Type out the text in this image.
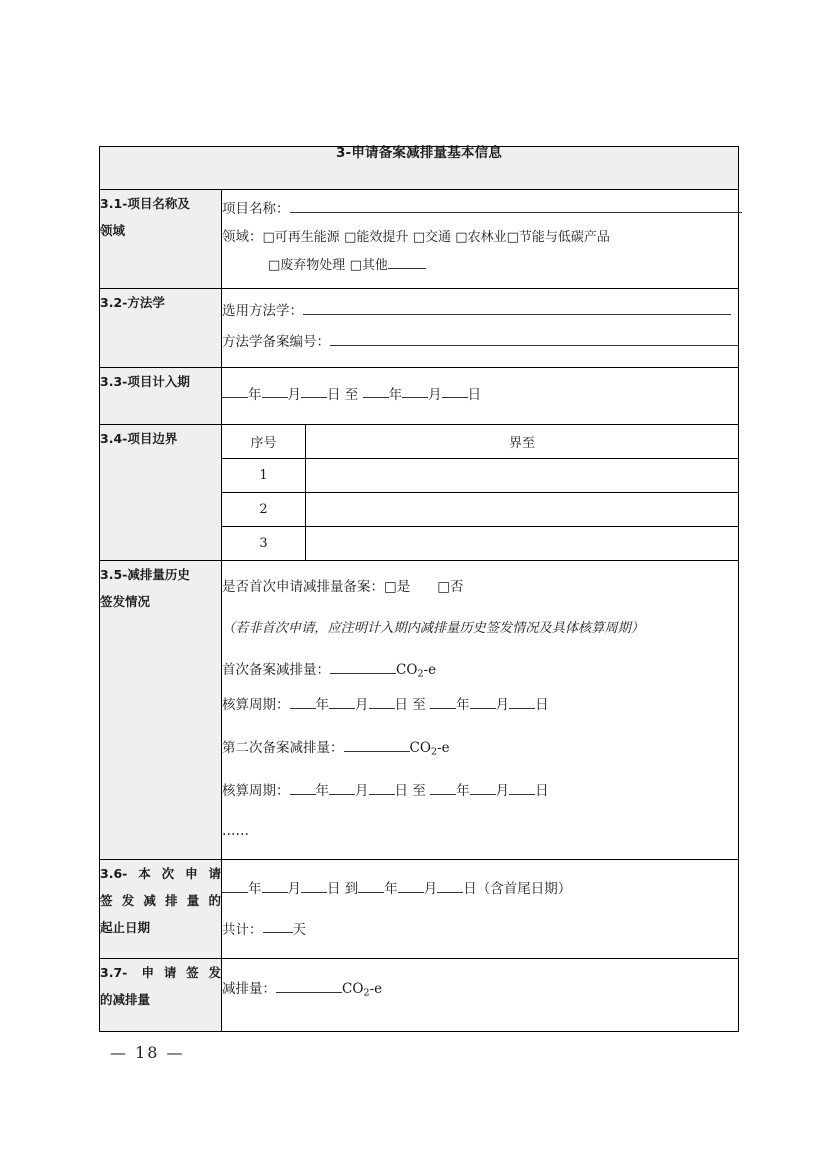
3-申请备案减排量基本信息		

3.1-项目名称及
领域

项目名称：
领域：□可再生能源 □能效提升 □交通 □农林业□节能与低碳产品
□废弃物处理 □其他

3.2-方法学	选用方法学：
方法学备案编号：	

3.3-项目计入期	年 月 日 至 年 月 日	

3.4-项目边界	序号	界至
	1	
	2	
	3	

3.5-减排量历史
签发情况

是否首次申请减排量备案：□是　　□否
（若非首次申请，应注明计入期内减排量历史签发情况及具体核算周期）
首次备案减排量：	$CO_2-e$
核算周期： 年 月 日 至 年 月 日
第二次备案减排量：	$CO_2-e$
核算周期： 年 月 日 至 年 月 日
……

3.6-本次申请
签发减排量的
起止日期

年 月 日 到 年 月 日（含首尾日期）
共计： 天

3.7- 申请签发
的减排量	减排量： $CO_2-e$	
— 18 —
